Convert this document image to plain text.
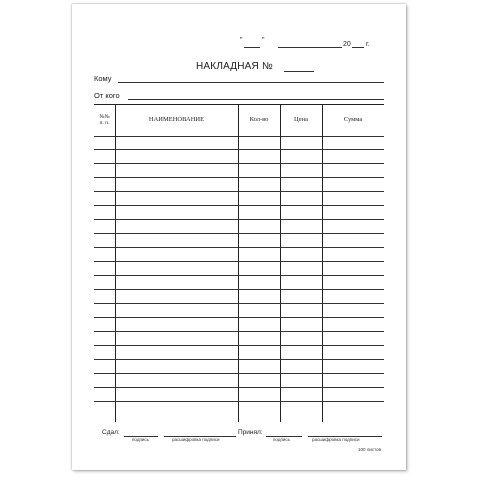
"	"
20 г.
НАКЛАДНАЯ №
Кому
От кого
№№
п. п.	НАИМЕНОВАНИЕ	Кол-во	Цена	Сумма
Сдал:
подпись	расшифровка подписи
Принял:
подпись	расшифровка подписи
100 листов
